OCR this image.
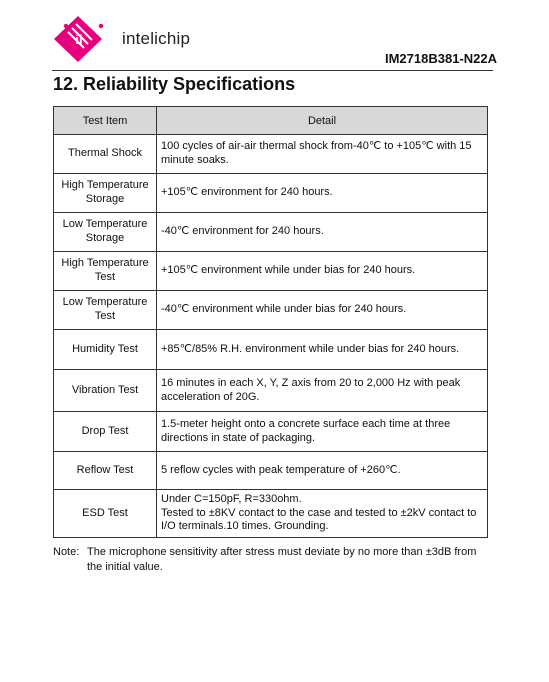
ii intelichip
IM2718B381-N22A
12. Reliability Specifications
Test Item	Detail
Thermal Shock	100 cycles of air-air thermal shock from-40℃ to +105℃ with 15 minute soaks.
High Temperature Storage	+105℃ environment for 240 hours.
Low Temperature Storage	-40℃ environment for 240 hours.
High Temperature Test	+105℃ environment while under bias for 240 hours.
Low Temperature Test	-40℃ environment while under bias for 240 hours.
Humidity Test	+85℃/85% R.H. environment while under bias for 240 hours.
Vibration Test	16 minutes in each X, Y, Z axis from 20 to 2,000 Hz with peak acceleration of 20G.
Drop Test	1.5-meter height onto a concrete surface each time at three directions in state of packaging.
Reflow Test	5 reflow cycles with peak temperature of +260℃.
ESD Test	Under C=150pF, R=330ohm.
Tested to ±8KV contact to the case and tested to ±2kV contact to I/O terminals.10 times. Grounding.
Note: The microphone sensitivity after stress must deviate by no more than ±3dB from
the initial value.
